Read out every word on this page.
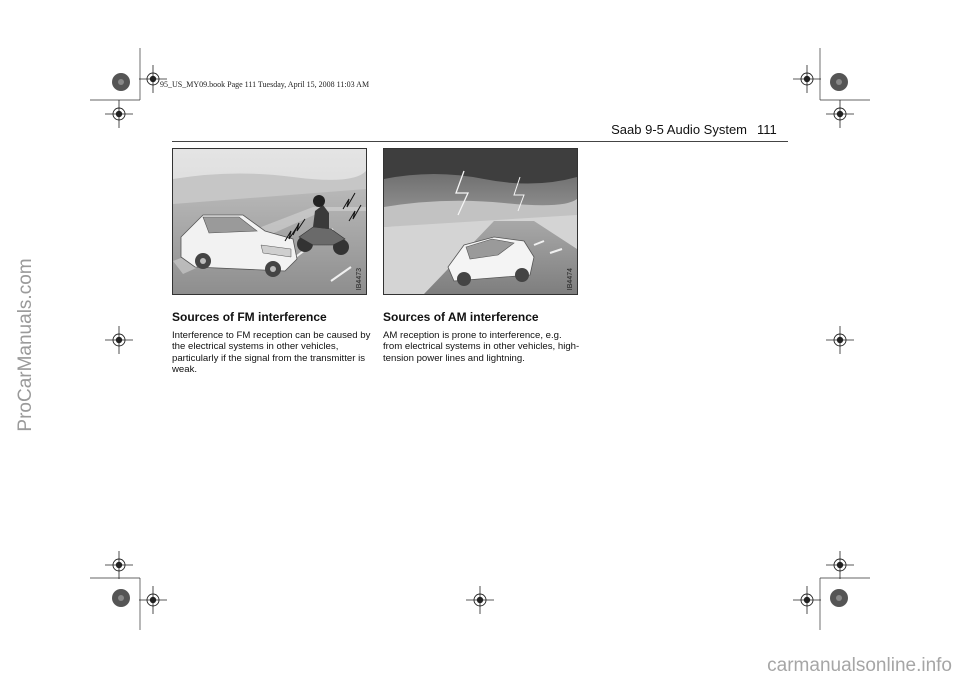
95_US_MY09.book Page 111 Tuesday, April 15, 2008 11:03 AM
Saab 9-5 Audio System 111
IB4473	IB4474
Sources of FM interference
Interference to FM reception can be caused by the electrical systems in other vehicles, particularly if the signal from the transmitter is weak.
Sources of AM interference
AM reception is prone to interference, e.g. from electrical systems in other vehicles, high-tension power lines and lightning.
ProCarManuals.com
carmanualsonline.info
